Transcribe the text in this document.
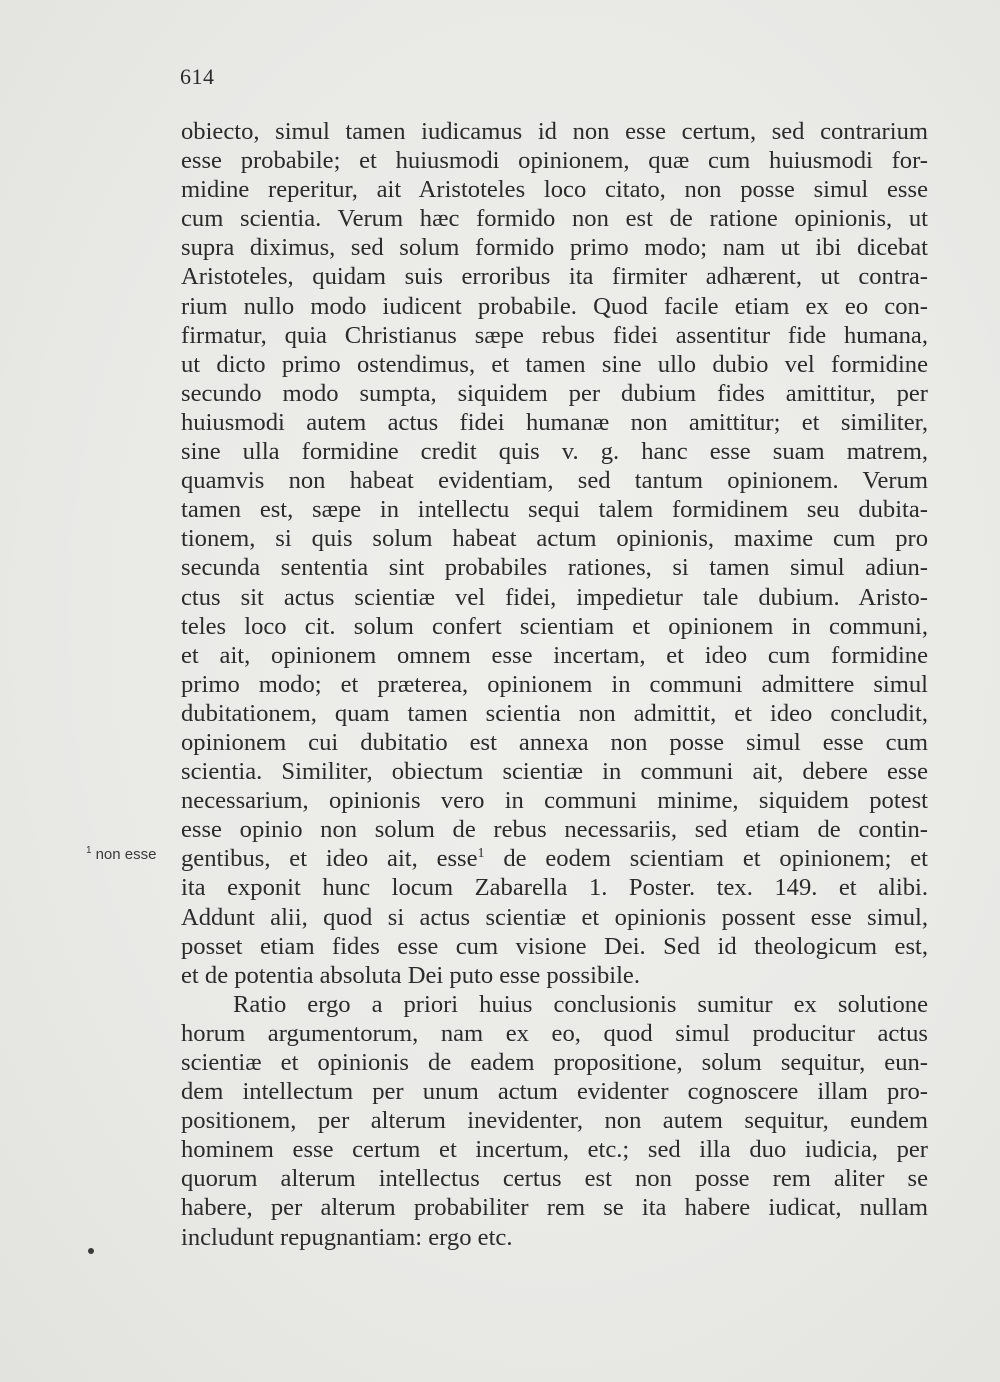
614
$^1$ non esse
obiecto, simul tamen iudicamus id non esse certum, sed contrarium
esse probabile; et huiusmodi opinionem, quæ cum huiusmodi for-
midine reperitur, ait Aristoteles loco citato, non posse simul esse
cum scientia. Verum hæc formido non est de ratione opinionis, ut
supra diximus, sed solum formido primo modo; nam ut ibi dicebat
Aristoteles, quidam suis erroribus ita firmiter adhærent, ut contra-
rium nullo modo iudicent probabile. Quod facile etiam ex eo con-
firmatur, quia Christianus sæpe rebus fidei assentitur fide humana,
ut dicto primo ostendimus, et tamen sine ullo dubio vel formidine
secundo modo sumpta, siquidem per dubium fides amittitur, per
huiusmodi autem actus fidei humanæ non amittitur; et similiter,
sine ulla formidine credit quis v. g. hanc esse suam matrem,
quamvis non habeat evidentiam, sed tantum opinionem. Verum
tamen est, sæpe in intellectu sequi talem formidinem seu dubita-
tionem, si quis solum habeat actum opinionis, maxime cum pro
secunda sententia sint probabiles rationes, si tamen simul adiun-
ctus sit actus scientiæ vel fidei, impedietur tale dubium. Aristo-
teles loco cit. solum confert scientiam et opinionem in communi,
et ait, opinionem omnem esse incertam, et ideo cum formidine
primo modo; et præterea, opinionem in communi admittere simul
dubitationem, quam tamen scientia non admittit, et ideo concludit,
opinionem cui dubitatio est annexa non posse simul esse cum
scientia. Similiter, obiectum scientiæ in communi ait, debere esse
necessarium, opinionis vero in communi minime, siquidem potest
esse opinio non solum de rebus necessariis, sed etiam de contin-
gentibus, et ideo ait, esse$^1$ de eodem scientiam et opinionem; et
ita exponit hunc locum Zabarella 1. Poster. tex. 149. et alibi.
Addunt alii, quod si actus scientiæ et opinionis possent esse simul,
posset etiam fides esse cum visione Dei. Sed id theologicum est,
et de potentia absoluta Dei puto esse possibile.
Ratio ergo a priori huius conclusionis sumitur ex solutione
horum argumentorum, nam ex eo, quod simul producitur actus
scientiæ et opinionis de eadem propositione, solum sequitur, eun-
dem intellectum per unum actum evidenter cognoscere illam pro-
positionem, per alterum inevidenter, non autem sequitur, eundem
hominem esse certum et incertum, etc.; sed illa duo iudicia, per
quorum alterum intellectus certus est non posse rem aliter se
habere, per alterum probabiliter rem se ita habere iudicat, nullam
includunt repugnantiam: ergo etc.
